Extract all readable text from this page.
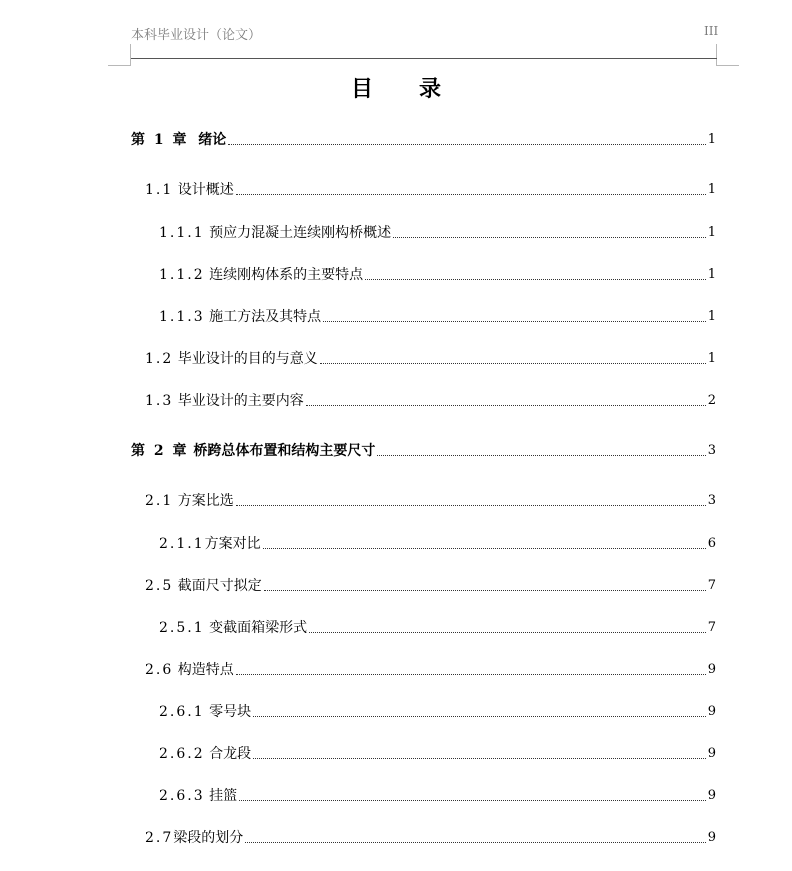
本科毕业设计（论文）	III
目录
第 1 章  绪论	1
1.1 设计概述	1
1.1.1 预应力混凝土连续刚构桥概述	1
1.1.2 连续刚构体系的主要特点	1
1.1.3 施工方法及其特点	1
1.2 毕业设计的目的与意义	1
1.3 毕业设计的主要内容	2
第 2 章 桥跨总体布置和结构主要尺寸	3
2.1 方案比选	3
2.1.1方案对比	6
2.5 截面尺寸拟定	7
2.5.1 变截面箱梁形式	7
2.6 构造特点	9
2.6.1 零号块	9
2.6.2 合龙段	9
2.6.3 挂篮	9
2.7梁段的划分	9
